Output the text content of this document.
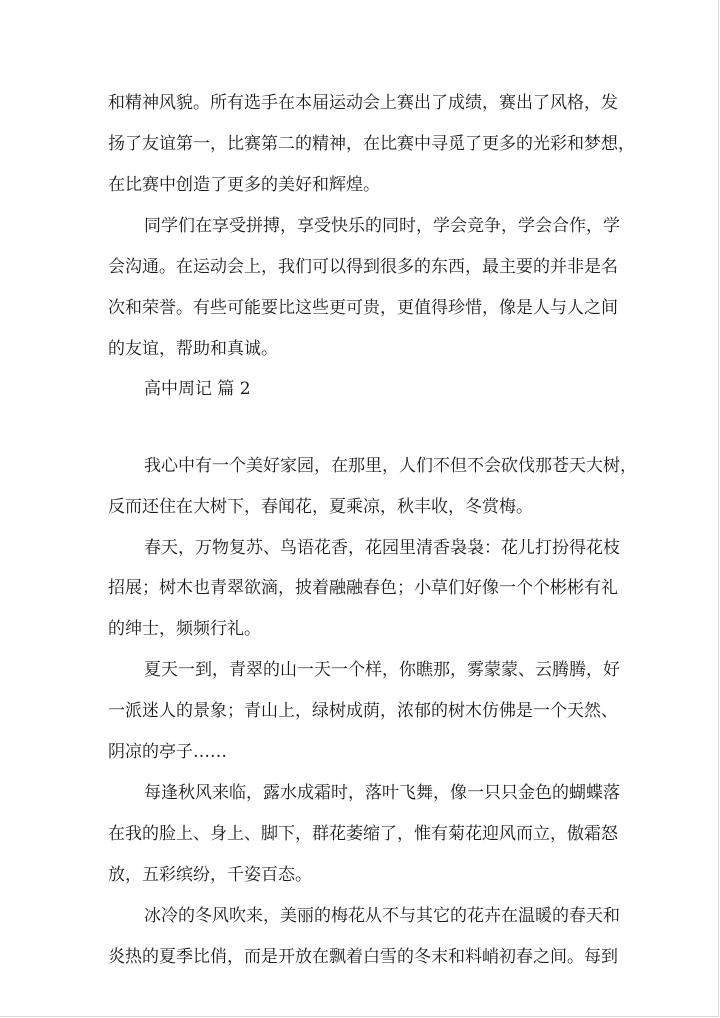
和精神风貌。所有选手在本届运动会上赛出了成绩，赛出了风格，发
扬了友谊第一，比赛第二的精神，在比赛中寻觅了更多的光彩和梦想，
在比赛中创造了更多的美好和辉煌。
同学们在享受拼搏，享受快乐的同时，学会竞争，学会合作，学
会沟通。在运动会上，我们可以得到很多的东西，最主要的并非是名
次和荣誉。有些可能要比这些更可贵，更值得珍惜，像是人与人之间
的友谊，帮助和真诚。
高中周记 篇 2
我心中有一个美好家园，在那里，人们不但不会砍伐那苍天大树，
反而还住在大树下，春闻花，夏乘凉，秋丰收，冬赏梅。
春天，万物复苏、鸟语花香，花园里清香袅袅：花儿打扮得花枝
招展；树木也青翠欲滴，披着融融春色；小草们好像一个个彬彬有礼
的绅士，频频行礼。
夏天一到，青翠的山一天一个样，你瞧那，雾蒙蒙、云腾腾，好
一派迷人的景象；青山上，绿树成荫，浓郁的树木仿佛是一个天然、
阴凉的亭子……
每逢秋风来临，露水成霜时，落叶飞舞，像一只只金色的蝴蝶落
在我的脸上、身上、脚下，群花萎缩了，惟有菊花迎风而立，傲霜怒
放，五彩缤纷，千姿百态。
冰冷的冬风吹来，美丽的梅花从不与其它的花卉在温暖的春天和
炎热的夏季比俏，而是开放在飘着白雪的冬末和料峭初春之间。每到
